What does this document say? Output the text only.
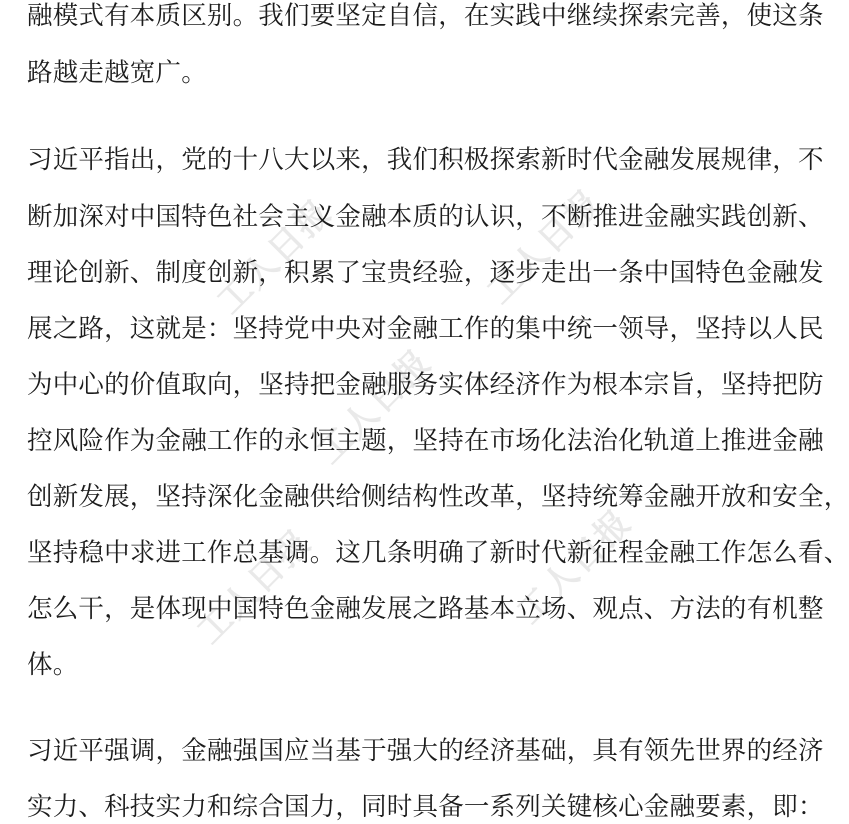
工人日报	工人日报
工人日报
工人日报	工人日报
融模式有本质区别。我们要坚定自信，在实践中继续探索完善，使这条
路越走越宽广。
习近平指出，党的十八大以来，我们积极探索新时代金融发展规律，不
断加深对中国特色社会主义金融本质的认识，不断推进金融实践创新、
理论创新、制度创新，积累了宝贵经验，逐步走出一条中国特色金融发
展之路，这就是：坚持党中央对金融工作的集中统一领导，坚持以人民
为中心的价值取向，坚持把金融服务实体经济作为根本宗旨，坚持把防
控风险作为金融工作的永恒主题，坚持在市场化法治化轨道上推进金融
创新发展，坚持深化金融供给侧结构性改革，坚持统筹金融开放和安全，
坚持稳中求进工作总基调。这几条明确了新时代新征程金融工作怎么看、
怎么干，是体现中国特色金融发展之路基本立场、观点、方法的有机整
体。
习近平强调，金融强国应当基于强大的经济基础，具有领先世界的经济
实力、科技实力和综合国力，同时具备一系列关键核心金融要素，即：
